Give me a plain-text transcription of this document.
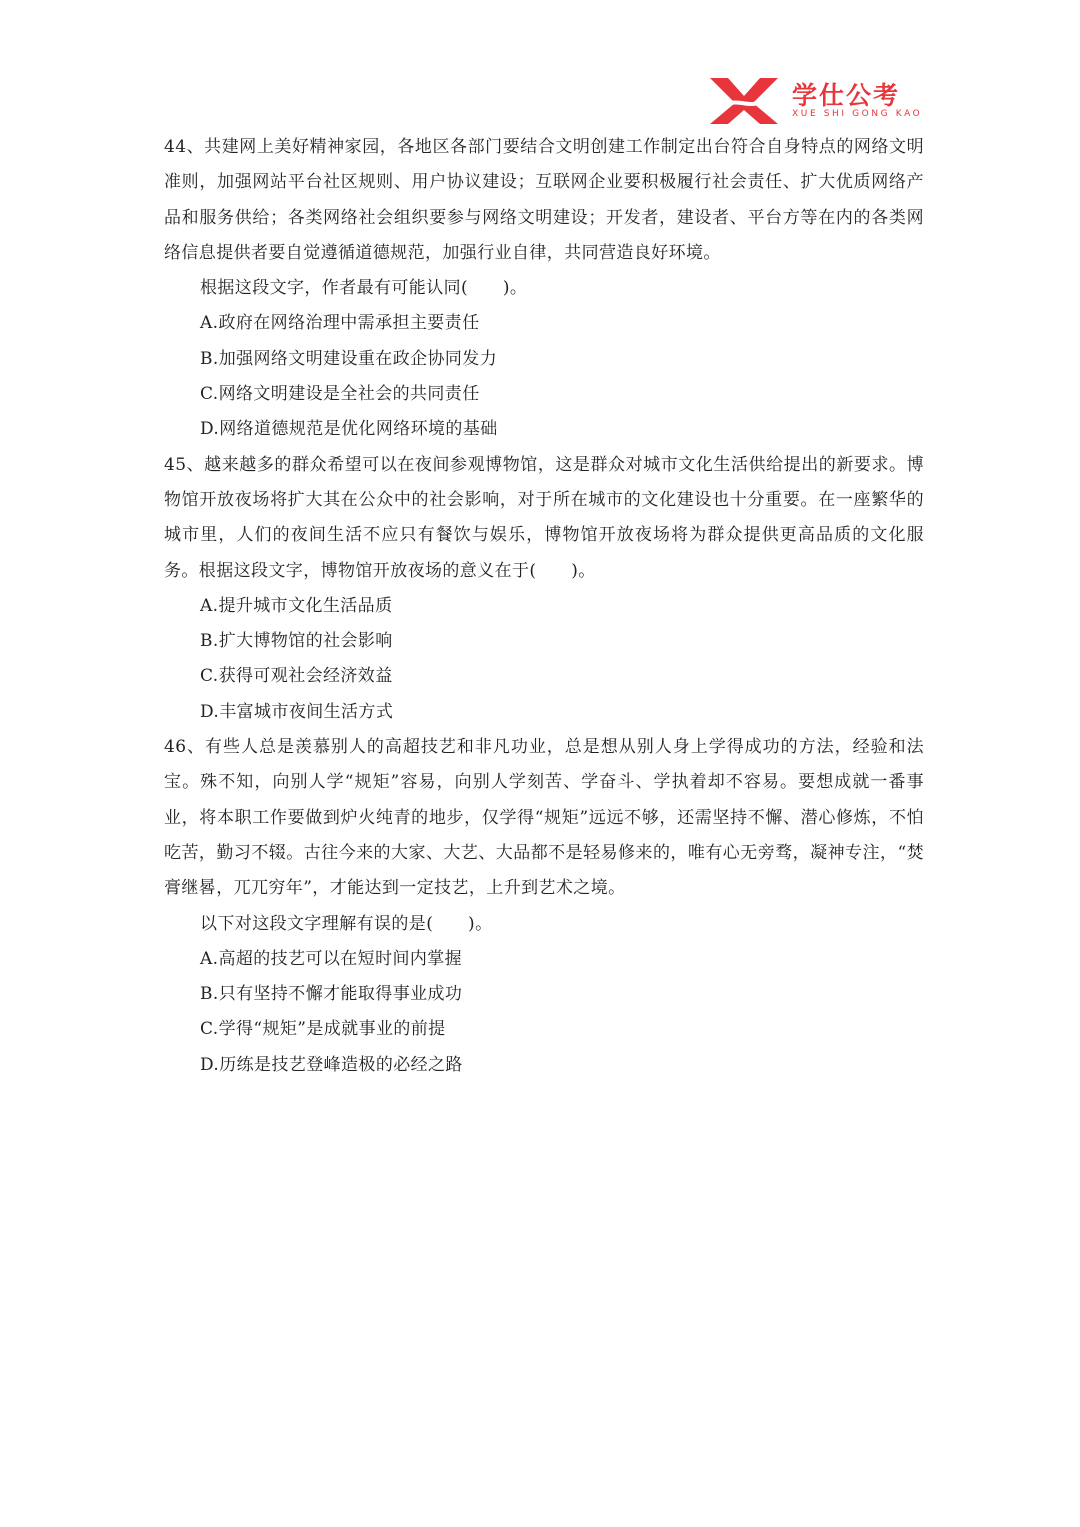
学仕公考
XUE SHI GONG KAO

44、共建网上美好精神家园，各地区各部门要结合文明创建工作制定出台符合自身特点的网络文明准则，加强网站平台社区规则、用户协议建设；互联网企业要积极履行社会责任、扩大优质网络产品和服务供给；各类网络社会组织要参与网络文明建设；开发者，建设者、平台方等在内的各类网络信息提供者要自觉遵循道德规范，加强行业自律，共同营造良好环境。

根据这段文字，作者最有可能认同(　　)。

A.政府在网络治理中需承担主要责任

B.加强网络文明建设重在政企协同发力

C.网络文明建设是全社会的共同责任

D.网络道德规范是优化网络环境的基础

45、越来越多的群众希望可以在夜间参观博物馆，这是群众对城市文化生活供给提出的新要求。博物馆开放夜场将扩大其在公众中的社会影响，对于所在城市的文化建设也十分重要。在一座繁华的城市里，人们的夜间生活不应只有餐饮与娱乐，博物馆开放夜场将为群众提供更高品质的文化服务。根据这段文字，博物馆开放夜场的意义在于(　　)。

A.提升城市文化生活品质

B.扩大博物馆的社会影响

C.获得可观社会经济效益

D.丰富城市夜间生活方式

46、有些人总是羡慕别人的高超技艺和非凡功业，总是想从别人身上学得成功的方法，经验和法宝。殊不知，向别人学“规矩”容易，向别人学刻苦、学奋斗、学执着却不容易。要想成就一番事业，将本职工作要做到炉火纯青的地步，仅学得“规矩”远远不够，还需坚持不懈、潜心修炼，不怕吃苦，勤习不辍。古往今来的大家、大艺、大品都不是轻易修来的，唯有心无旁骛，凝神专注，“焚膏继晷，兀兀穷年”，才能达到一定技艺，上升到艺术之境。

以下对这段文字理解有误的是(　　)。

A.高超的技艺可以在短时间内掌握

B.只有坚持不懈才能取得事业成功

C.学得“规矩”是成就事业的前提

D.历练是技艺登峰造极的必经之路
